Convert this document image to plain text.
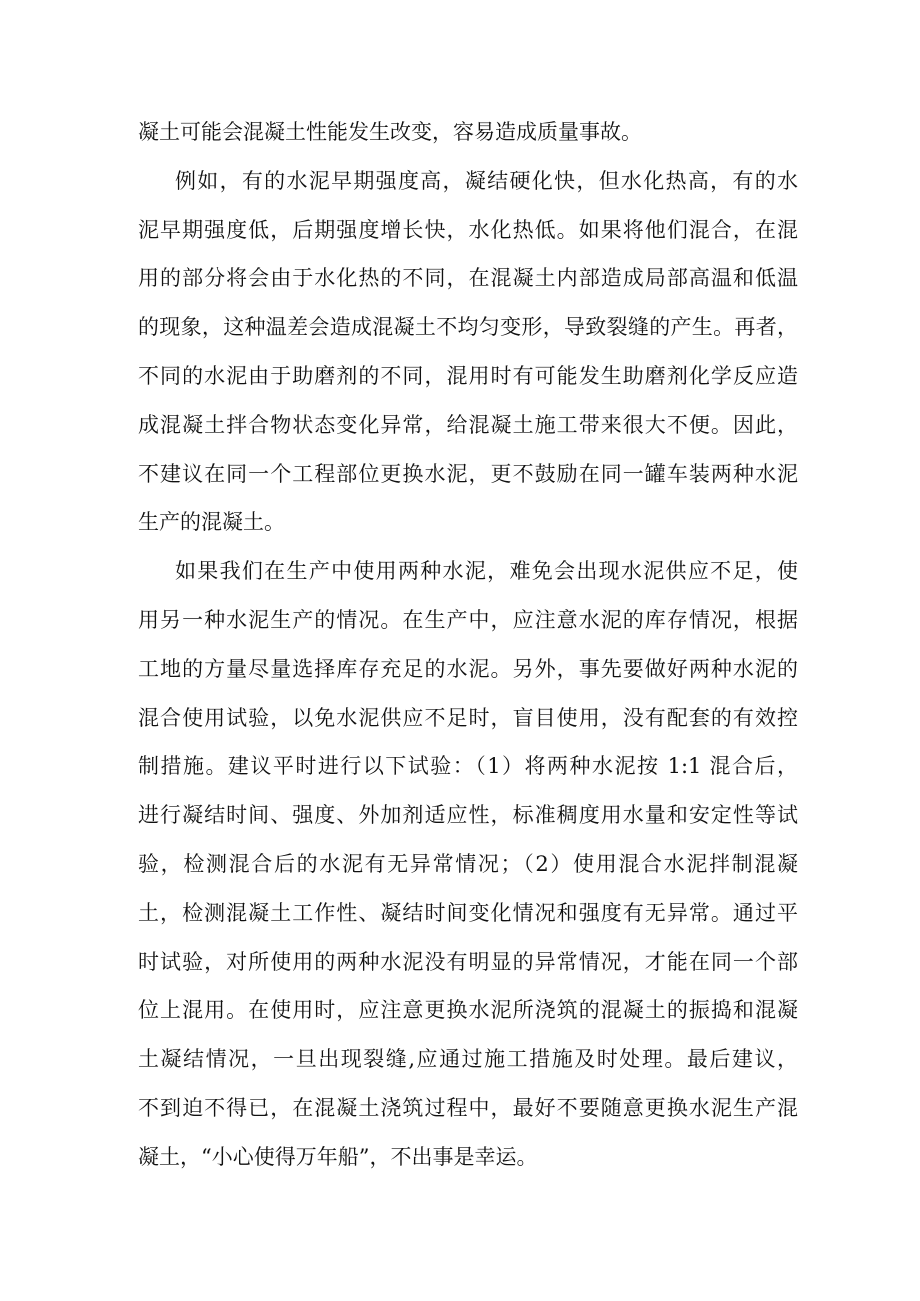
凝土可能会混凝土性能发生改变，容易造成质量事故。
例如，有的水泥早期强度高，凝结硬化快，但水化热高，有的水
泥早期强度低，后期强度增长快，水化热低。如果将他们混合，在混
用的部分将会由于水化热的不同，在混凝土内部造成局部高温和低温
的现象，这种温差会造成混凝土不均匀变形，导致裂缝的产生。再者，
不同的水泥由于助磨剂的不同，混用时有可能发生助磨剂化学反应造
成混凝土拌合物状态变化异常，给混凝土施工带来很大不便。因此，
不建议在同一个工程部位更换水泥，更不鼓励在同一罐车装两种水泥
生产的混凝土。
如果我们在生产中使用两种水泥，难免会出现水泥供应不足，使
用另一种水泥生产的情况。在生产中，应注意水泥的库存情况，根据
工地的方量尽量选择库存充足的水泥。另外，事先要做好两种水泥的
混合使用试验，以免水泥供应不足时，盲目使用，没有配套的有效控
制措施。建议平时进行以下试验：（1）将两种水泥按 1:1 混合后，
进行凝结时间、强度、外加剂适应性，标准稠度用水量和安定性等试
验，检测混合后的水泥有无异常情况；（2）使用混合水泥拌制混凝
土，检测混凝土工作性、凝结时间变化情况和强度有无异常。通过平
时试验，对所使用的两种水泥没有明显的异常情况，才能在同一个部
位上混用。在使用时，应注意更换水泥所浇筑的混凝土的振捣和混凝
土凝结情况，一旦出现裂缝,应通过施工措施及时处理。最后建议，
不到迫不得已，在混凝土浇筑过程中，最好不要随意更换水泥生产混
凝土，“小心使得万年船”，不出事是幸运。
